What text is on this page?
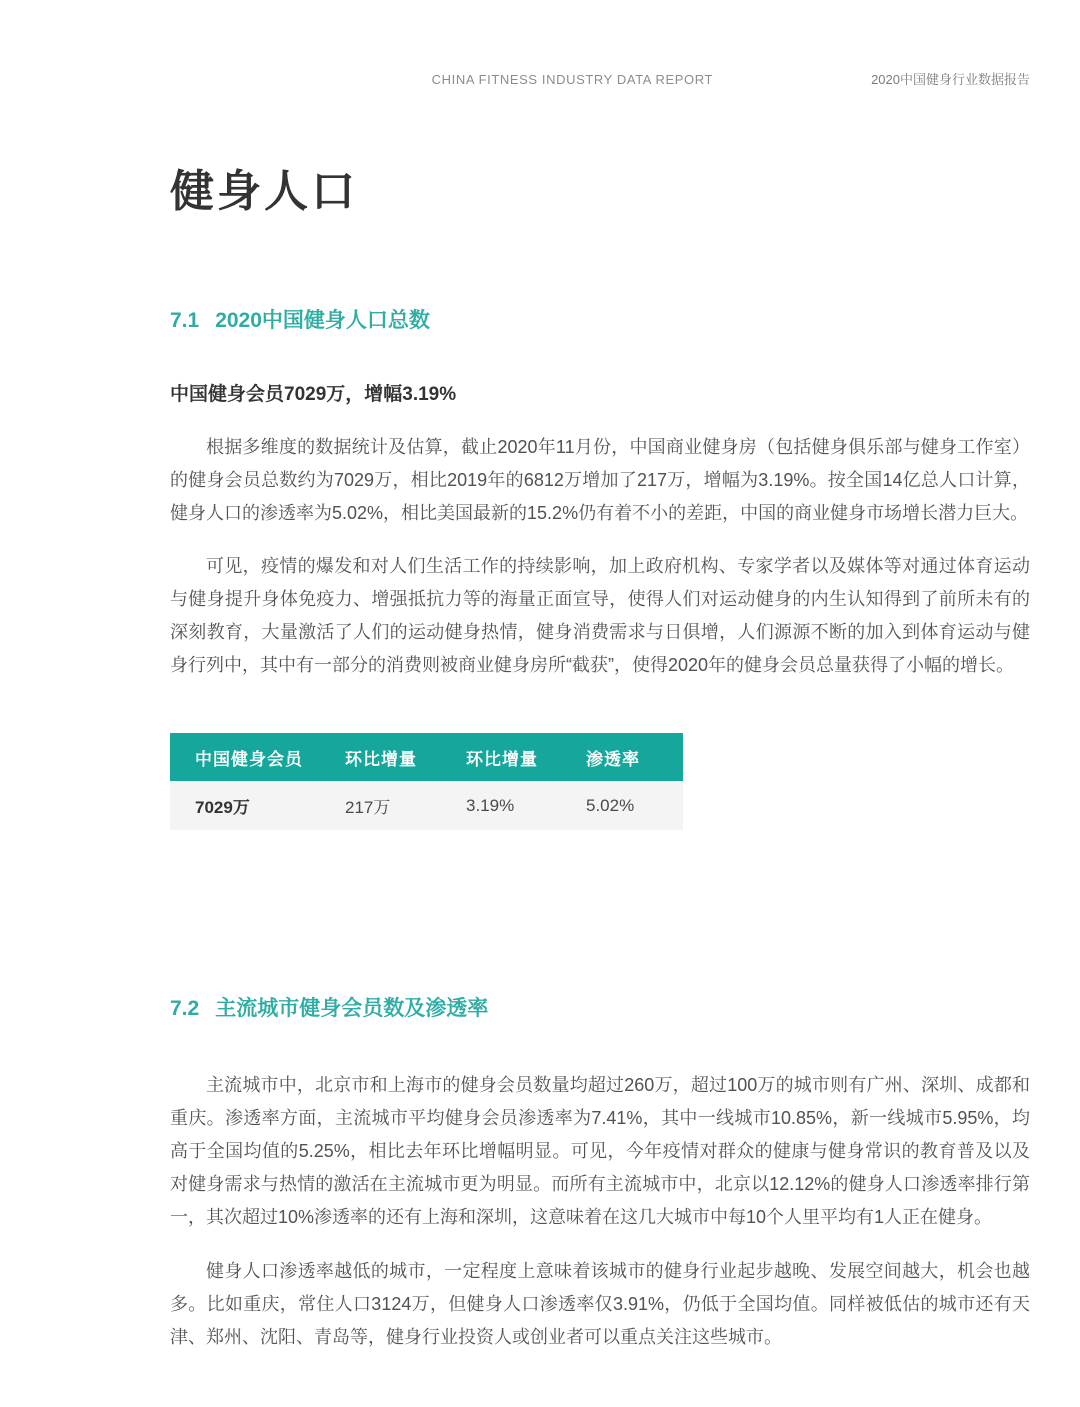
CHINA FITNESS INDUSTRY DATA REPORT	2020中国健身行业数据报告
健身人口
7.1 2020中国健身人口总数

中国健身会员7029万，增幅3.19%

根据多维度的数据统计及估算，截止2020年11月份，中国商业健身房（包括健身俱乐部与健身工作室）的健身会员总数约为7029万，相比2019年的6812万增加了217万，增幅为3.19%。按全国14亿总人口计算，健身人口的渗透率为5.02%，相比美国最新的15.2%仍有着不小的差距，中国的商业健身市场增长潜力巨大。

可见，疫情的爆发和对人们生活工作的持续影响，加上政府机构、专家学者以及媒体等对通过体育运动与健身提升身体免疫力、增强抵抗力等的海量正面宣导，使得人们对运动健身的内生认知得到了前所未有的深刻教育，大量激活了人们的运动健身热情，健身消费需求与日俱增，人们源源不断的加入到体育运动与健身行列中，其中有一部分的消费则被商业健身房所“截获”，使得2020年的健身会员总量获得了小幅的增长。

中国健身会员	环比增量	环比增量	渗透率
7029万	217万	3.19%	5.02%
7.2 主流城市健身会员数及渗透率

主流城市中，北京市和上海市的健身会员数量均超过260万，超过100万的城市则有广州、深圳、成都和重庆。渗透率方面，主流城市平均健身会员渗透率为7.41%，其中一线城市10.85%，新一线城市5.95%，均高于全国均值的5.25%，相比去年环比增幅明显。可见，今年疫情对群众的健康与健身常识的教育普及以及对健身需求与热情的激活在主流城市更为明显。而所有主流城市中，北京以12.12%的健身人口渗透率排行第一，其次超过10%渗透率的还有上海和深圳，这意味着在这几大城市中每10个人里平均有1人正在健身。

健身人口渗透率越低的城市，一定程度上意味着该城市的健身行业起步越晚、发展空间越大，机会也越多。比如重庆，常住人口3124万，但健身人口渗透率仅3.91%，仍低于全国均值。同样被低估的城市还有天津、郑州、沈阳、青岛等，健身行业投资人或创业者可以重点关注这些城市。
